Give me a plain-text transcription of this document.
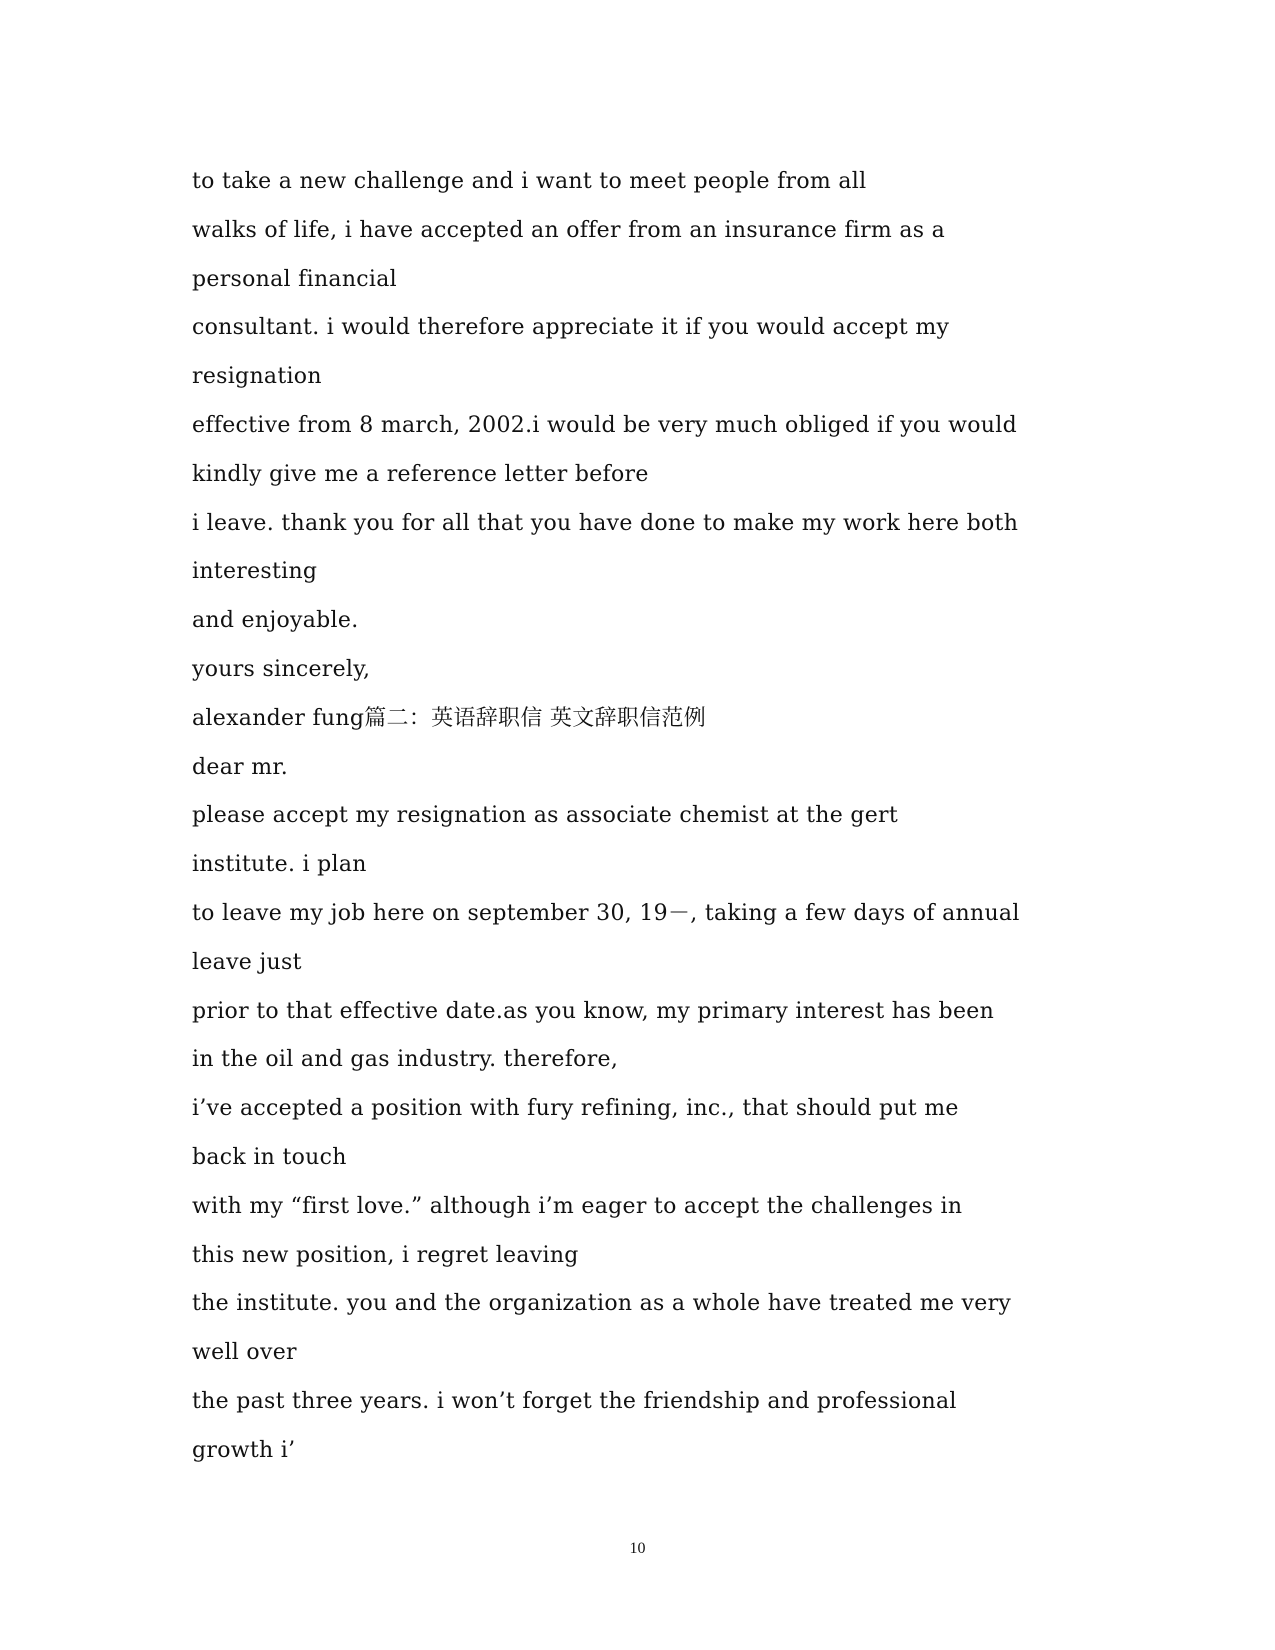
to take a new challenge and i want to meet people from all
walks of life, i have accepted an offer from an insurance firm as a
personal financial
consultant. i would therefore appreciate it if you would accept my
resignation
effective from 8 march, 2002.i would be very much obliged if you would
kindly give me a reference letter before
i leave. thank you for all that you have done to make my work here both
interesting
and enjoyable.
yours sincerely,
alexander fung篇二：英语辞职信 英文辞职信范例
dear mr.
please accept my resignation as associate chemist at the gert
institute. i plan
to leave my job here on september 30, 19－, taking a few days of annual
leave just
prior to that effective date.as you know, my primary interest has been
in the oil and gas industry. therefore,
i’ve accepted a position with fury refining, inc., that should put me
back in touch
with my “first love.” although i’m eager to accept the challenges in
this new position, i regret leaving
the institute. you and the organization as a whole have treated me very
well over
the past three years. i won’t forget the friendship and professional
growth i’
10
